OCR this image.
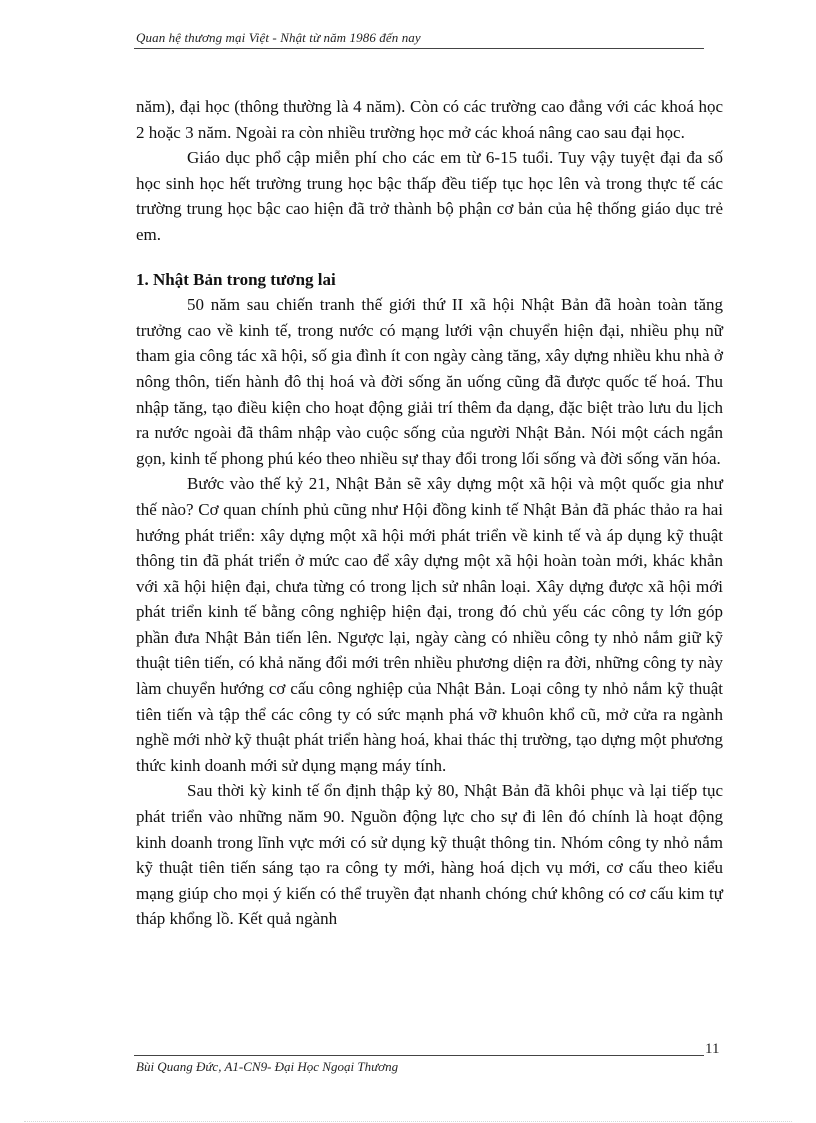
Quan hệ thương mại Việt - Nhật từ năm 1986 đến nay

năm), đại học (thông thường là 4 năm). Còn có các trường cao đẳng với các khoá học 2 hoặc 3 năm. Ngoài ra còn nhiều trường học mở các khoá nâng cao sau đại học.

Giáo dục phổ cập miễn phí cho các em từ 6-15 tuổi. Tuy vậy tuyệt đại đa số học sinh học hết trường trung học bậc thấp đều tiếp tục học lên và trong thực tế các trường trung học bậc cao hiện đã trở thành bộ phận cơ bản của hệ thống giáo dục trẻ em.

1. Nhật Bản trong tương lai

50 năm sau chiến tranh thế giới thứ II xã hội Nhật Bản đã hoàn toàn tăng trưởng cao về kinh tế, trong nước có mạng lưới vận chuyển hiện đại, nhiều phụ nữ tham gia công tác xã hội, số gia đình ít con ngày càng tăng, xây dựng nhiều khu nhà ở nông thôn, tiến hành đô thị hoá và đời sống ăn uống cũng đã được quốc tế hoá. Thu nhập tăng, tạo điều kiện cho hoạt động giải trí thêm đa dạng, đặc biệt trào lưu du lịch ra nước ngoài đã thâm nhập vào cuộc sống của người Nhật Bản. Nói một cách ngắn gọn, kinh tế phong phú kéo theo nhiều sự thay đổi trong lối sống và đời sống văn hóa.

Bước vào thế kỷ 21, Nhật Bản sẽ xây dựng một xã hội và một quốc gia như thế nào? Cơ quan chính phủ cũng như Hội đồng kinh tế Nhật Bản đã phác thảo ra hai hướng phát triển: xây dựng một xã hội mới phát triển về kinh tế và áp dụng kỹ thuật thông tin đã phát triển ở mức cao để xây dựng một xã hội hoàn toàn mới, khác khẳn với xã hội hiện đại, chưa từng có trong lịch sử nhân loại. Xây dựng được xã hội mới phát triển kinh tế bằng công nghiệp hiện đại, trong đó chủ yếu các công ty lớn góp phần đưa Nhật Bản tiến lên. Ngược lại, ngày càng có nhiều công ty nhỏ nắm giữ kỹ thuật tiên tiến, có khả năng đổi mới trên nhiều phương diện ra đời, những công ty này làm chuyển hướng cơ cấu công nghiệp của Nhật Bản. Loại công ty nhỏ nắm kỹ thuật tiên tiến và tập thể các công ty có sức mạnh phá vỡ khuôn khổ cũ, mở cửa ra ngành nghề mới nhờ kỹ thuật phát triển hàng hoá, khai thác thị trường, tạo dựng một phương thức kinh doanh mới sử dụng mạng máy tính.

Sau thời kỳ kinh tế ổn định thập kỷ 80, Nhật Bản đã khôi phục và lại tiếp tục phát triển vào những năm 90. Nguồn động lực cho sự đi lên đó chính là hoạt động kinh doanh trong lĩnh vực mới có sử dụng kỹ thuật thông tin. Nhóm công ty nhỏ nắm kỹ thuật tiên tiến sáng tạo ra công ty mới, hàng hoá dịch vụ mới, cơ cấu theo kiểu mạng giúp cho mọi ý kiến có thể truyền đạt nhanh chóng chứ không có cơ cấu kim tự tháp khổng lồ. Kết quả ngành

11
Bùi Quang Đức, A1-CN9- Đại Học Ngoại Thương
